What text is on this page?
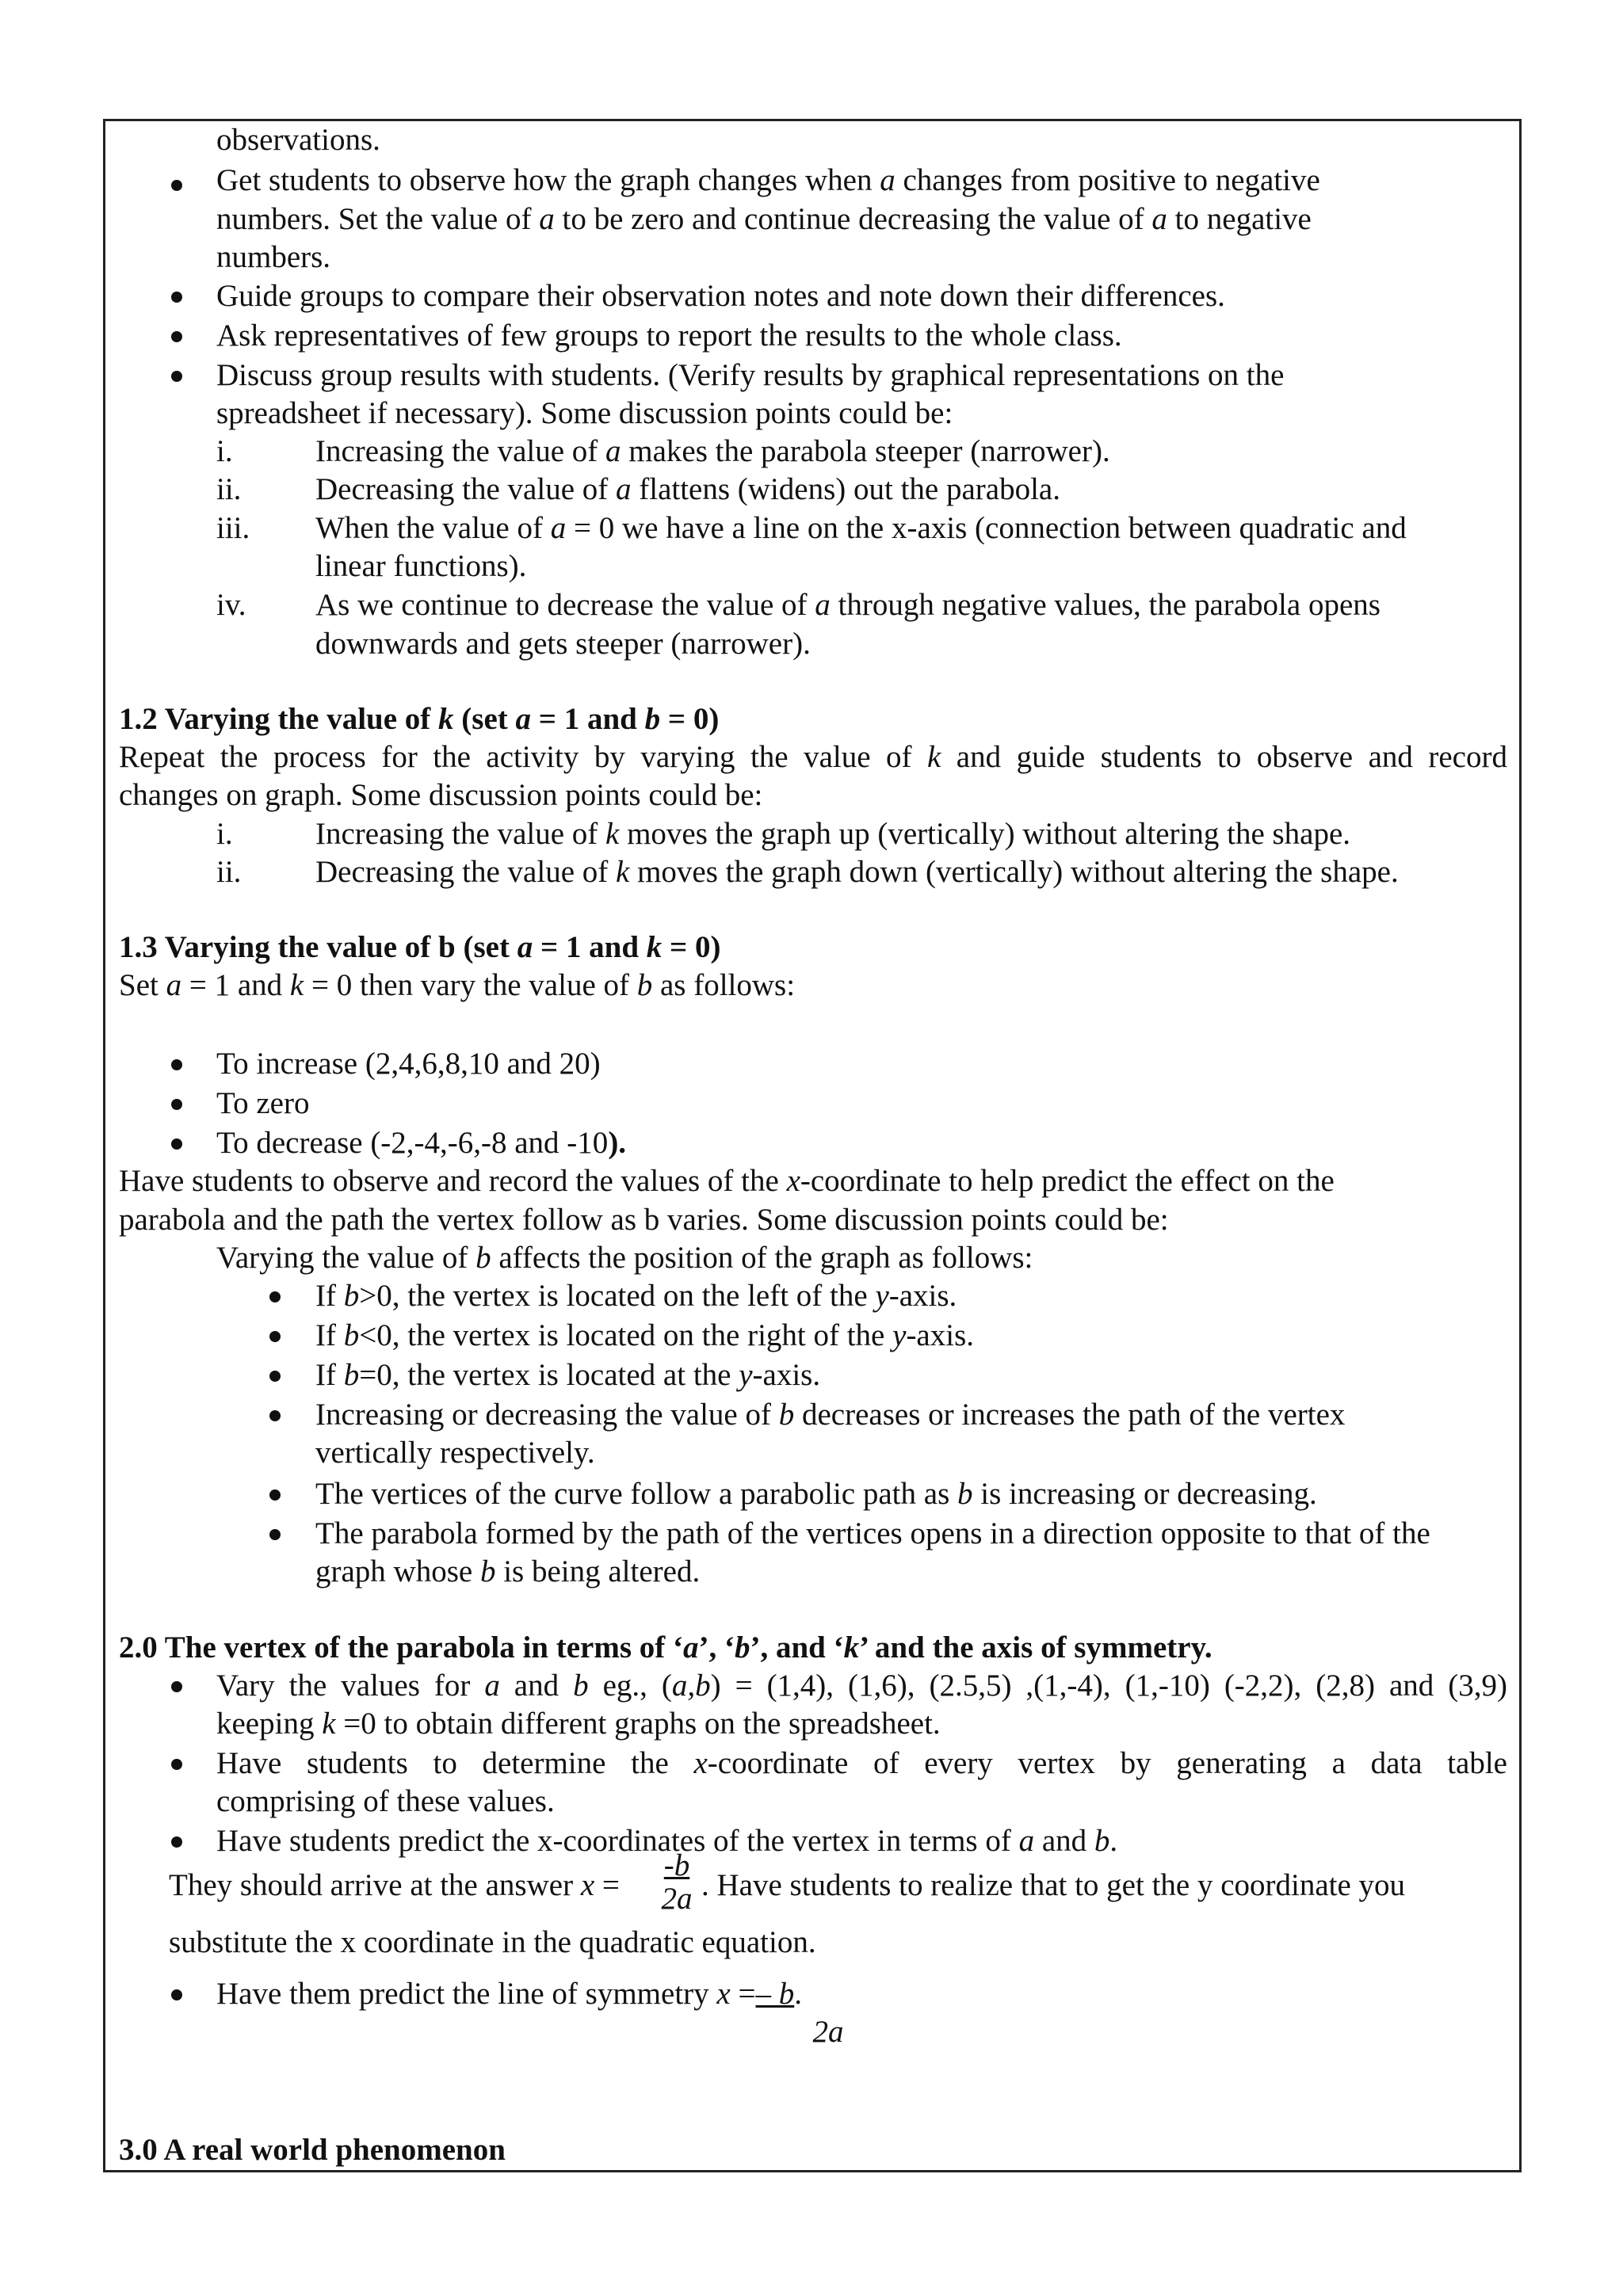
observations.
Get students to observe how the graph changes when a changes from positive to negative
numbers. Set the value of a to be zero and continue decreasing the value of a to negative
numbers.
Guide groups to compare their observation notes and note down their differences.
Ask representatives of few groups to report the results to the whole class.
Discuss group results with students. (Verify results by graphical representations on the
spreadsheet if necessary). Some discussion points could be:
i.	Increasing the value of a makes the parabola steeper (narrower).
ii. Decreasing the value of a flattens (widens) out the parabola.
iii. When the value of a = 0 we have a line on the x-axis (connection between quadratic and
linear functions).
iv. As we continue to decrease the value of a through negative values, the parabola opens
downwards and gets steeper (narrower).
1.2 Varying the value of k (set a = 1 and b = 0)
Repeat the process for the activity by varying the value of k and guide students to observe and record
changes on graph. Some discussion points could be:
i.	Increasing the value of k moves the graph up (vertically) without altering the shape.
ii. Decreasing the value of k moves the graph down (vertically) without altering the shape.
1.3 Varying the value of b (set a = 1 and k = 0)
Set a = 1 and k = 0 then vary the value of b as follows:
To increase (2,4,6,8,10 and 20)
To zero
To decrease (-2,-4,-6,-8 and -10).
Have students to observe and record the values of the x-coordinate to help predict the effect on the
parabola and the path the vertex follow as b varies. Some discussion points could be:
Varying the value of b affects the position of the graph as follows:
If b>0, the vertex is located on the left of the y-axis.
If b<0, the vertex is located on the right of the y-axis.
If b=0, the vertex is located at the y-axis.
Increasing or decreasing the value of b decreases or increases the path of the vertex
vertically respectively.
The vertices of the curve follow a parabolic path as b is increasing or decreasing.
The parabola formed by the path of the vertices opens in a direction opposite to that of the
graph whose b is being altered.
2.0 The vertex of the parabola in terms of ‘a’, ‘b’, and ‘k’ and the axis of symmetry.
Vary the values for a and b eg., (a,b) = (1,4), (1,6), (2.5,5) ,(1,-4), (1,-10) (-2,2), (2,8) and (3,9)
keeping k =0 to obtain different graphs on the spreadsheet.
Have students to determine the x-coordinate of every vertex by generating a data table
comprising of these values.
Have students predict the x-coordinates of the vertex in terms of a and b.
They should arrive at the answer x =
-b
2a . Have students to realize that to get the y coordinate you
substitute the x coordinate in the quadratic equation.
Have them predict the line of symmetry x =– b.
2a
3.0 A real world phenomenon
